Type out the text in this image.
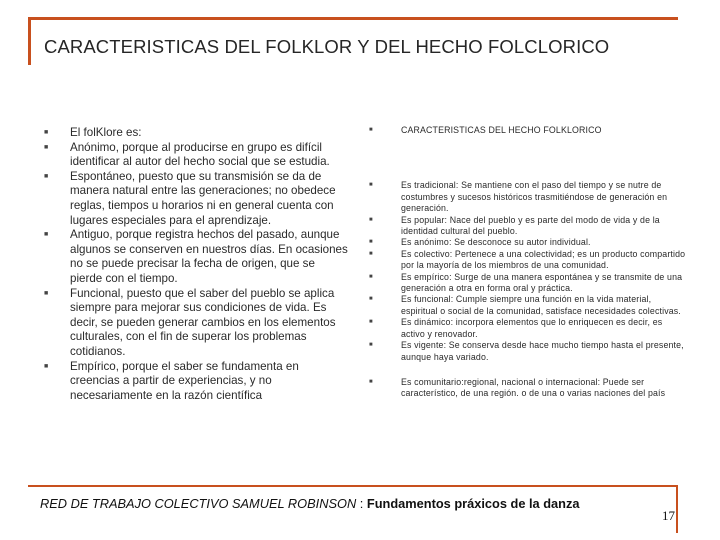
CARACTERISTICAS DEL FOLKLOR Y DEL HECHO FOLCLORICO
■ El folKlore es:
■ Anónimo, porque al producirse en grupo es difícil identificar al autor del hecho social que se estudia.
■ Espontáneo, puesto que su transmisión se da de manera natural entre las generaciones; no obedece reglas, tiempos u horarios ni en general cuenta con lugares especiales para el aprendizaje.
■ Antiguo, porque registra hechos del pasado, aunque algunos se conserven en nuestros días. En ocasiones no se puede precisar la fecha de origen, que se pierde con el tiempo.
■ Funcional, puesto que el saber del pueblo se aplica siempre para mejorar sus condiciones de vida. Es decir, se pueden generar cambios en los elementos culturales, con el fin de superar los problemas cotidianos.
■ Empírico, porque el saber se fundamenta en creencias a partir de experiencias, y no necesariamente en la razón científica
■	CARACTERISTICAS DEL HECHO FOLKLORICO
■	Es tradicional: Se mantiene con el paso del tiempo y se nutre de costumbres y sucesos históricos trasmitiéndose de generación en generación.
■	Es popular: Nace del pueblo y es parte del modo de vida y de la identidad cultural del pueblo.
■	Es anónimo: Se desconoce su autor individual.
■	Es colectivo: Pertenece a una colectividad; es un producto compartido por la mayoría de los miembros de una comunidad.
■	Es empírico: Surge de una manera espontánea y se transmite de una generación a otra en forma oral y práctica.
■	Es funcional: Cumple siempre una función en la vida material, espiritual o social de la comunidad, satisface necesidades colectivas.
■	Es dinámico: incorpora elementos que lo enriquecen es decir, es activo y renovador.
■	Es vigente: Se conserva desde hace mucho tiempo hasta el presente, aunque haya variado.
■	Es comunitario:regional, nacional o internacional: Puede ser característico, de una región. o de una o varias naciones del país
RED DE TRABAJO COLECTIVO SAMUEL ROBINSON : Fundamentos práxicos de la danza
17
